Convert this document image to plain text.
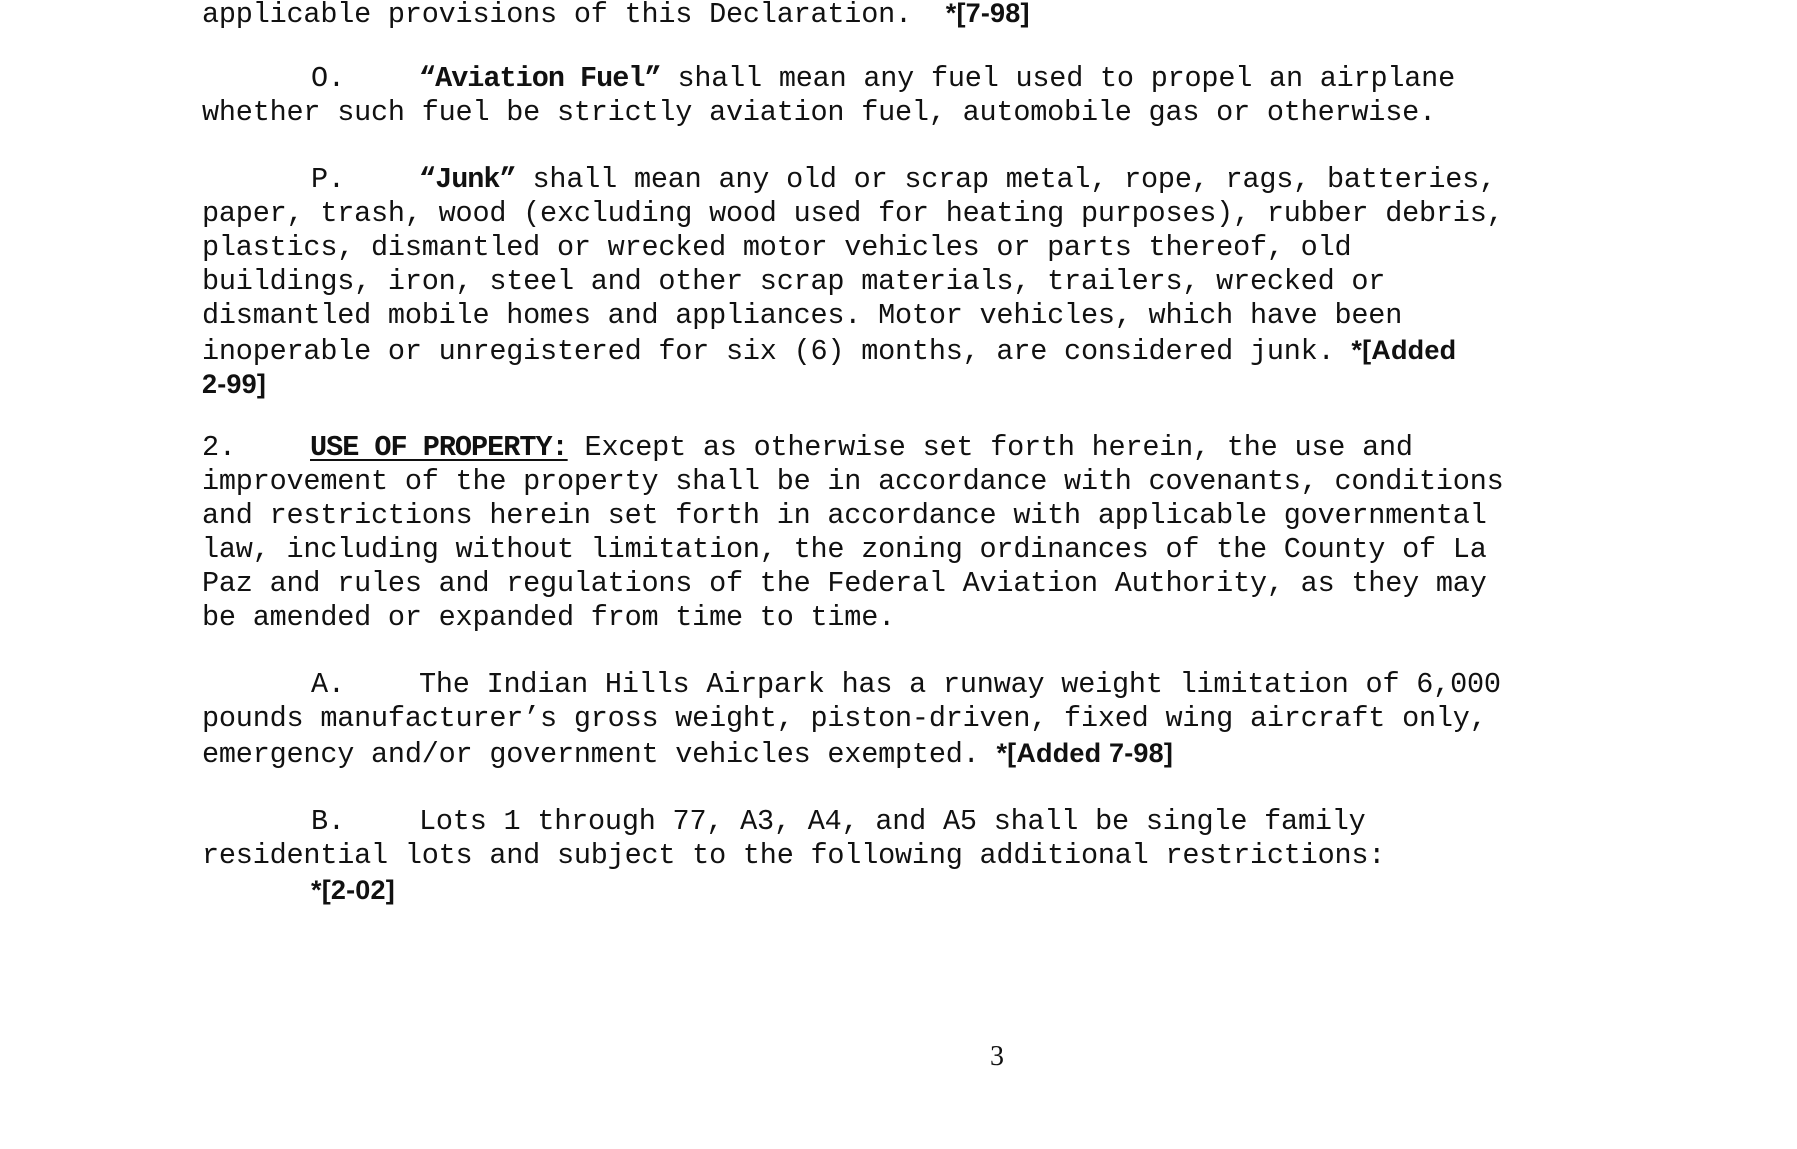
applicable provisions of this Declaration. *[7-98]
O.	“Aviation Fuel” shall mean any fuel used to propel an airplane
whether such fuel be strictly aviation fuel, automobile gas or otherwise.
P.	“Junk” shall mean any old or scrap metal, rope, rags, batteries,
paper, trash, wood (excluding wood used for heating purposes), rubber debris,
plastics, dismantled or wrecked motor vehicles or parts thereof, old
buildings, iron, steel and other scrap materials, trailers, wrecked or
dismantled mobile homes and appliances. Motor vehicles, which have been
inoperable or unregistered for six (6) months, are considered junk. *[Added
2-99]
2.	USE OF PROPERTY: Except as otherwise set forth herein, the use and
improvement of the property shall be in accordance with covenants, conditions
and restrictions herein set forth in accordance with applicable governmental
law, including without limitation, the zoning ordinances of the County of La
Paz and rules and regulations of the Federal Aviation Authority, as they may
be amended or expanded from time to time.
A.	The Indian Hills Airpark has a runway weight limitation of 6,000
pounds manufacturer’s gross weight, piston-driven, fixed wing aircraft only,
emergency and/or government vehicles exempted. *[Added 7-98]
B.	Lots 1 through 77, A3, A4, and A5 shall be single family
residential lots and subject to the following additional restrictions:
*[2-02]
3
